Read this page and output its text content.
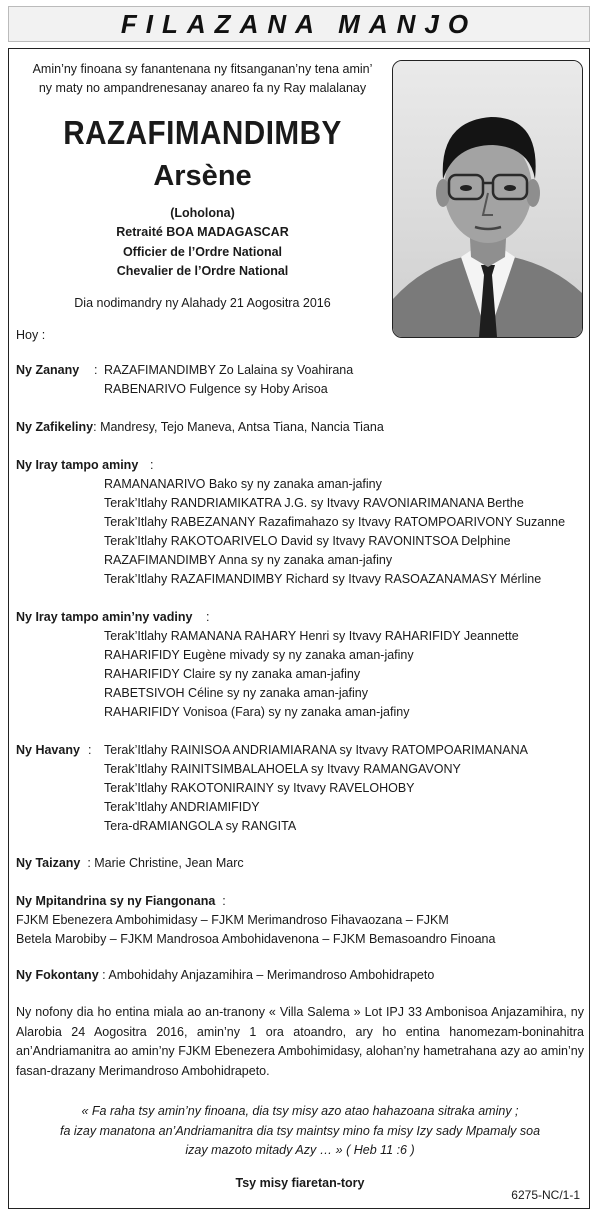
FILAZANA MANJO
Amin’ny finoana sy fanantenana ny fitsanganan’ny tena amin’
ny maty no ampandrenesanay anareo fa ny Ray malalanay
RAZAFIMANDIMBY
Arsène
(Loholona)
Retraité BOA MADAGASCAR
Officier de l’Ordre National
Chevalier de l’Ordre National
Dia nodimandry ny Alahady 21 Aogositra 2016
Hoy :
Ny Zanany : RAZAFIMANDIMBY Zo Lalaina sy Voahirana
RABENARIVO Fulgence sy Hoby Arisoa
Ny Zafikeliny: Mandresy, Tejo Maneva, Antsa Tiana, Nancia Tiana
Ny Iray tampo aminy :
RAMANANARIVO Bako sy ny zanaka aman-jafiny
Terak’Itlahy RANDRIAMIKATRA J.G. sy Itvavy RAVONIARIMANANA Berthe
Terak’Itlahy RABEZANANY Razafimahazo sy Itvavy RATOMPOARIVONY Suzanne
Terak’Itlahy RAKOTOARIVELO David sy Itvavy RAVONINTSOA Delphine
RAZAFIMANDIMBY Anna sy ny zanaka aman-jafiny
Terak’Itlahy RAZAFIMANDIMBY Richard sy Itvavy RASOAZANAMASY Mérline
Ny Iray tampo amin’ny vadiny :
Terak’Itlahy RAMANANA RAHARY Henri sy Itvavy RAHARIFIDY Jeannette
RAHARIFIDY Eugène mivady sy ny zanaka aman-jafiny
RAHARIFIDY Claire sy ny zanaka aman-jafiny
RABETSIVOH Céline sy ny zanaka aman-jafiny
RAHARIFIDY Vonisoa (Fara) sy ny zanaka aman-jafiny
Ny Havany : Terak’Itlahy RAINISOA ANDRIAMIARANA sy Itvavy RATOMPOARIMANANA
Terak’Itlahy RAINITSIMBALAHOELA sy Itvavy RAMANGAVONY
Terak’Itlahy RAKOTONIRAINY sy Itvavy RAVELOHOBY
Terak’Itlahy ANDRIAMIFIDY
Tera-dRAMIANGOLA sy RANGITA
Ny Taizany : Marie Christine, Jean Marc
Ny Mpitandrina sy ny Fiangonana :
FJKM Ebenezera Ambohimidasy – FJKM Merimandroso Fihavaozana – FJKM
Betela Marobiby – FJKM Mandrosoa Ambohidavenona – FJKM Bemasoandro Finoana
Ny Fokontany : Ambohidahy Anjazamihira – Merimandroso Ambohidrapeto
Ny nofony dia ho entina miala ao an-tranony « Villa Salema » Lot IPJ 33 Ambonisoa Anjazamihira, ny Alarobia 24 Aogositra 2016, amin’ny 1 ora atoandro, ary ho entina hanomezam-boninahitra an’Andriamanitra ao amin’ny FJKM Ebenezera Ambohimidasy, alohan’ny hametrahana azy ao amin’ny fasan-drazany Merimandroso Ambohidrapeto.
« Fa raha tsy amin’ny finoana, dia tsy misy azo atao hahazoana sitraka aminy ;
fa izay manatona an’Andriamanitra dia tsy maintsy mino fa misy Izy sady Mpamaly soa
izay mazoto mitady Azy … » ( Heb 11 :6 )
Tsy misy fiaretan-tory
6275-NC/1-1
